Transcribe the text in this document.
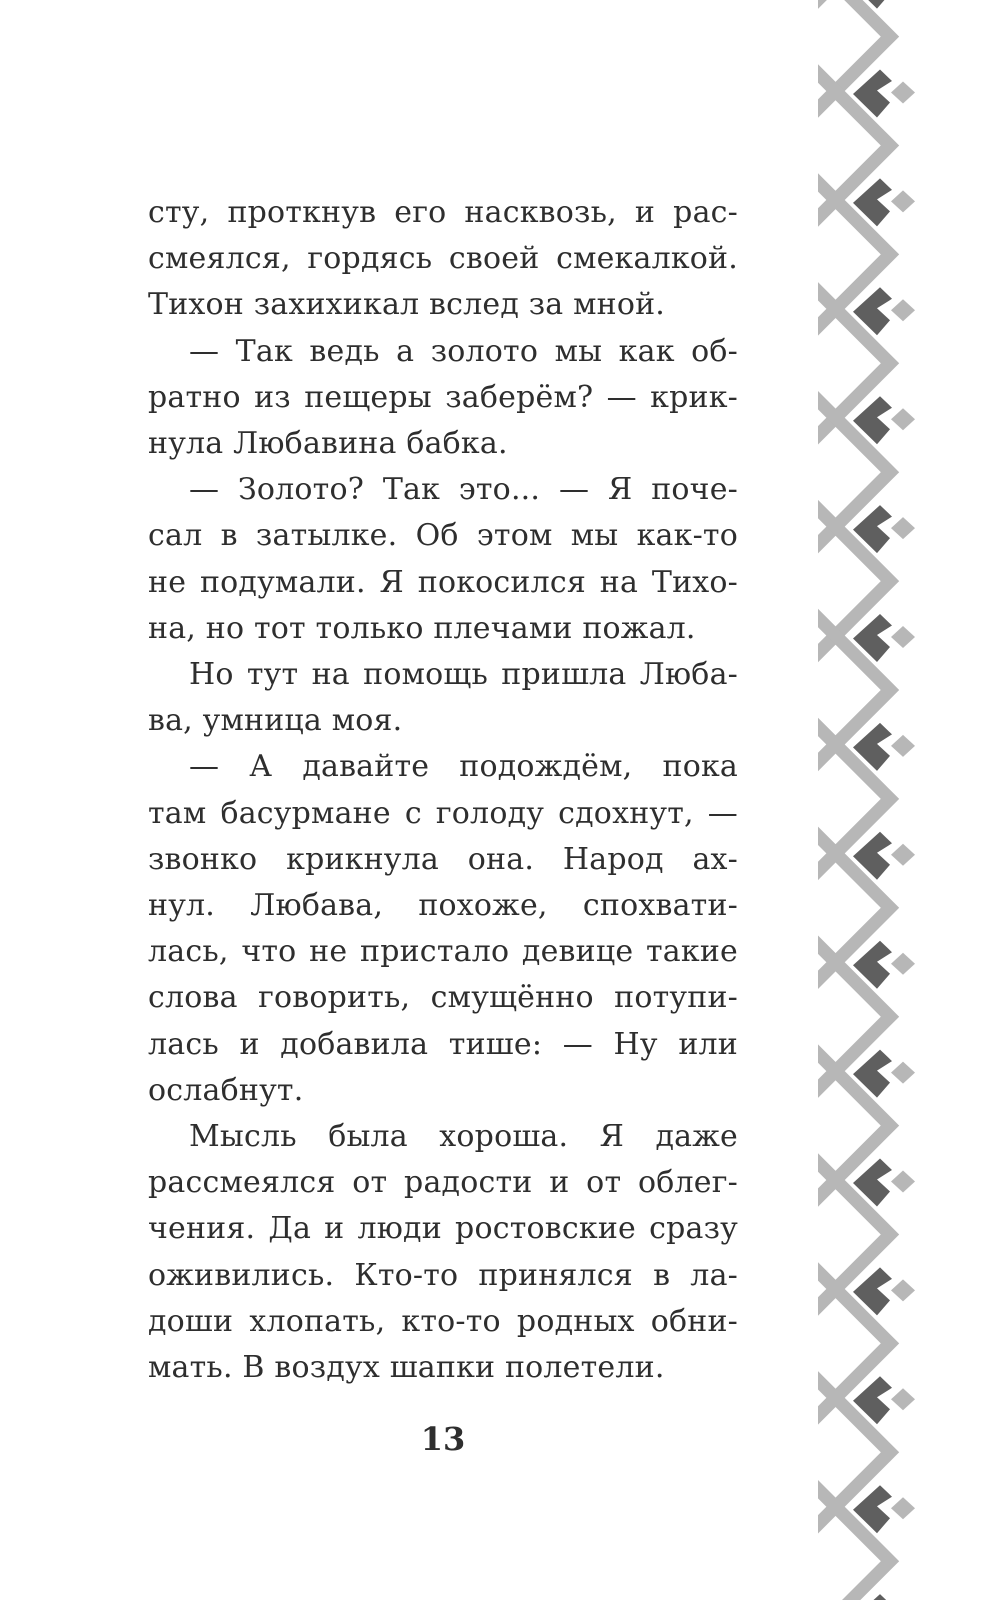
сту, проткнув его насквозь, и рас-
смеялся, гордясь своей смекалкой.
Тихон захихикал вслед за мной.
— Так ведь а золото мы как об-
ратно из пещеры заберём? — крик-
нула Любавина бабка.
— Золото? Так это... — Я поче-
сал в затылке. Об этом мы как-то
не подумали. Я покосился на Тихо-
на, но тот только плечами пожал.
Но тут на помощь пришла Люба-
ва, умница моя.
— А давайте подождём, пока
там басурмане с голоду сдохнут, —
звонко крикнула она. Народ ах-
нул. Любава, похоже, спохвати-
лась, что не пристало девице такие
слова говорить, смущённо потупи-
лась и добавила тише: — Ну или
ослабнут.
Мысль была хороша. Я даже
рассмеялся от радости и от облег-
чения. Да и люди ростовские сразу
оживились. Кто-то принялся в ла-
доши хлопать, кто-то родных обни-
мать. В воздух шапки полетели.
13
